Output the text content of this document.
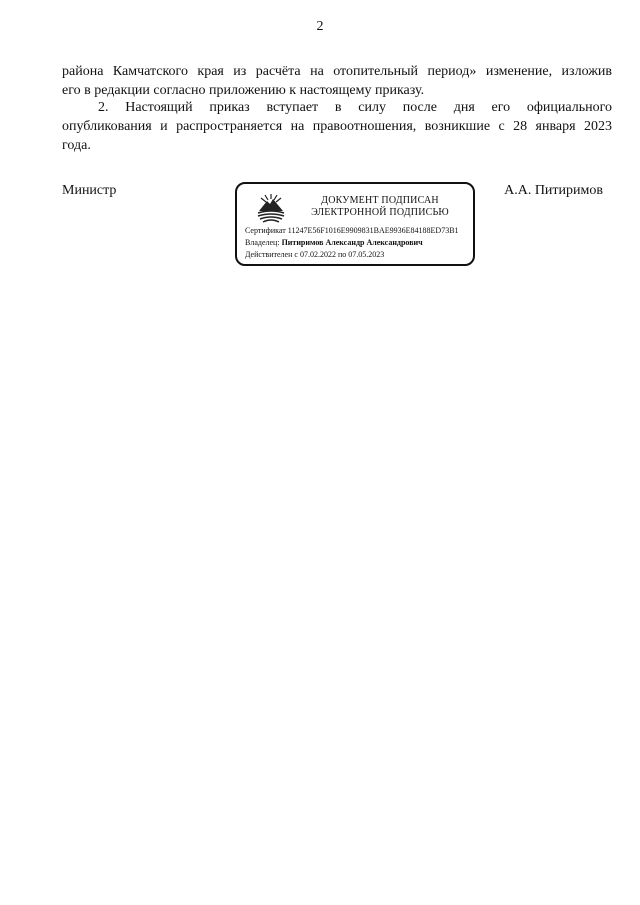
2
района Камчатского края из расчёта на отопительный период» изменение, изложив
его в редакции согласно приложению к настоящему приказу.
2. Настоящий приказ вступает в силу после дня его официального
опубликования и распространяется на правоотношения, возникшие с 28 января 2023
года.
Министр	А.А. Питиримов
ДОКУМЕНТ ПОДПИСАН
ЭЛЕКТРОННОЙ ПОДПИСЬЮ
Сертификат 11247E56F1016E9909831BAE9936E84188ED73B1
Владелец: Питиримов Александр Александрович
Действителен с 07.02.2022 по 07.05.2023
